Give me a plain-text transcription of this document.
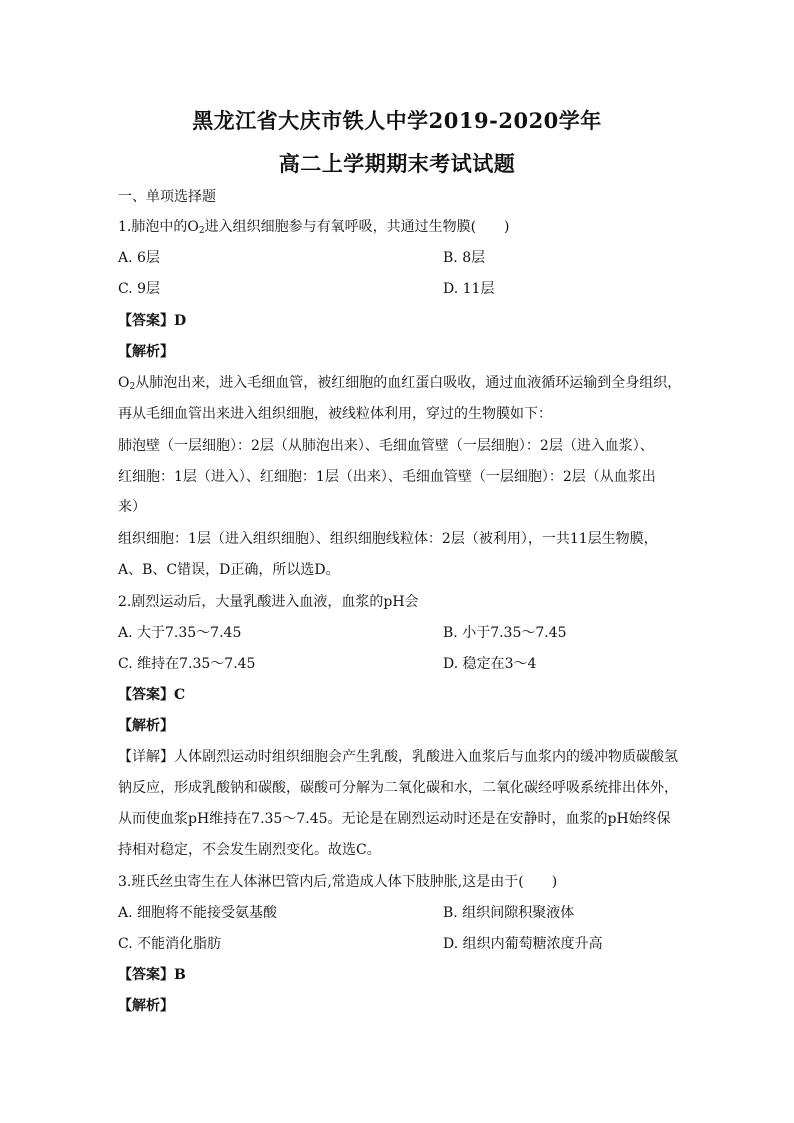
黑龙江省大庆市铁人中学2019-2020学年
高二上学期期末考试试题
一、单项选择题
1.肺泡中的$O_2$进入组织细胞参与有氧呼吸，共通过生物膜(　　)
A. 6层	B. 8层
C. 9层	D. 11层
【答案】D
【解析】
$O_2$从肺泡出来，进入毛细血管，被红细胞的血红蛋白吸收，通过血液循环运输到全身组织，
再从毛细血管出来进入组织细胞，被线粒体利用，穿过的生物膜如下：
肺泡壁（一层细胞）：2层（从肺泡出来）、毛细血管壁（一层细胞）：2层（进入血浆）、
红细胞：1层（进入）、红细胞：1层（出来）、毛细血管壁（一层细胞）：2层（从血浆出
来）
组织细胞：1层（进入组织细胞）、组织细胞线粒体：2层（被利用），一共11层生物膜，
A、B、C错误，D正确，所以选D。
2.剧烈运动后，大量乳酸进入血液，血浆的pH会
A. 大于7.35～7.45	B. 小于7.35～7.45
C. 维持在7.35～7.45	D. 稳定在3～4
【答案】C
【解析】
【详解】人体剧烈运动时组织细胞会产生乳酸，乳酸进入血浆后与血浆内的缓冲物质碳酸氢
钠反应，形成乳酸钠和碳酸，碳酸可分解为二氧化碳和水，二氧化碳经呼吸系统排出体外，
从而使血浆pH维持在7.35～7.45。无论是在剧烈运动时还是在安静时，血浆的pH始终保
持相对稳定，不会发生剧烈变化。故选C。
3.班氏丝虫寄生在人体淋巴管内后,常造成人体下肢肿胀,这是由于(　　)
A. 细胞将不能接受氨基酸	B. 组织间隙积聚液体
C. 不能消化脂肪	D. 组织内葡萄糖浓度升高
【答案】B
【解析】
